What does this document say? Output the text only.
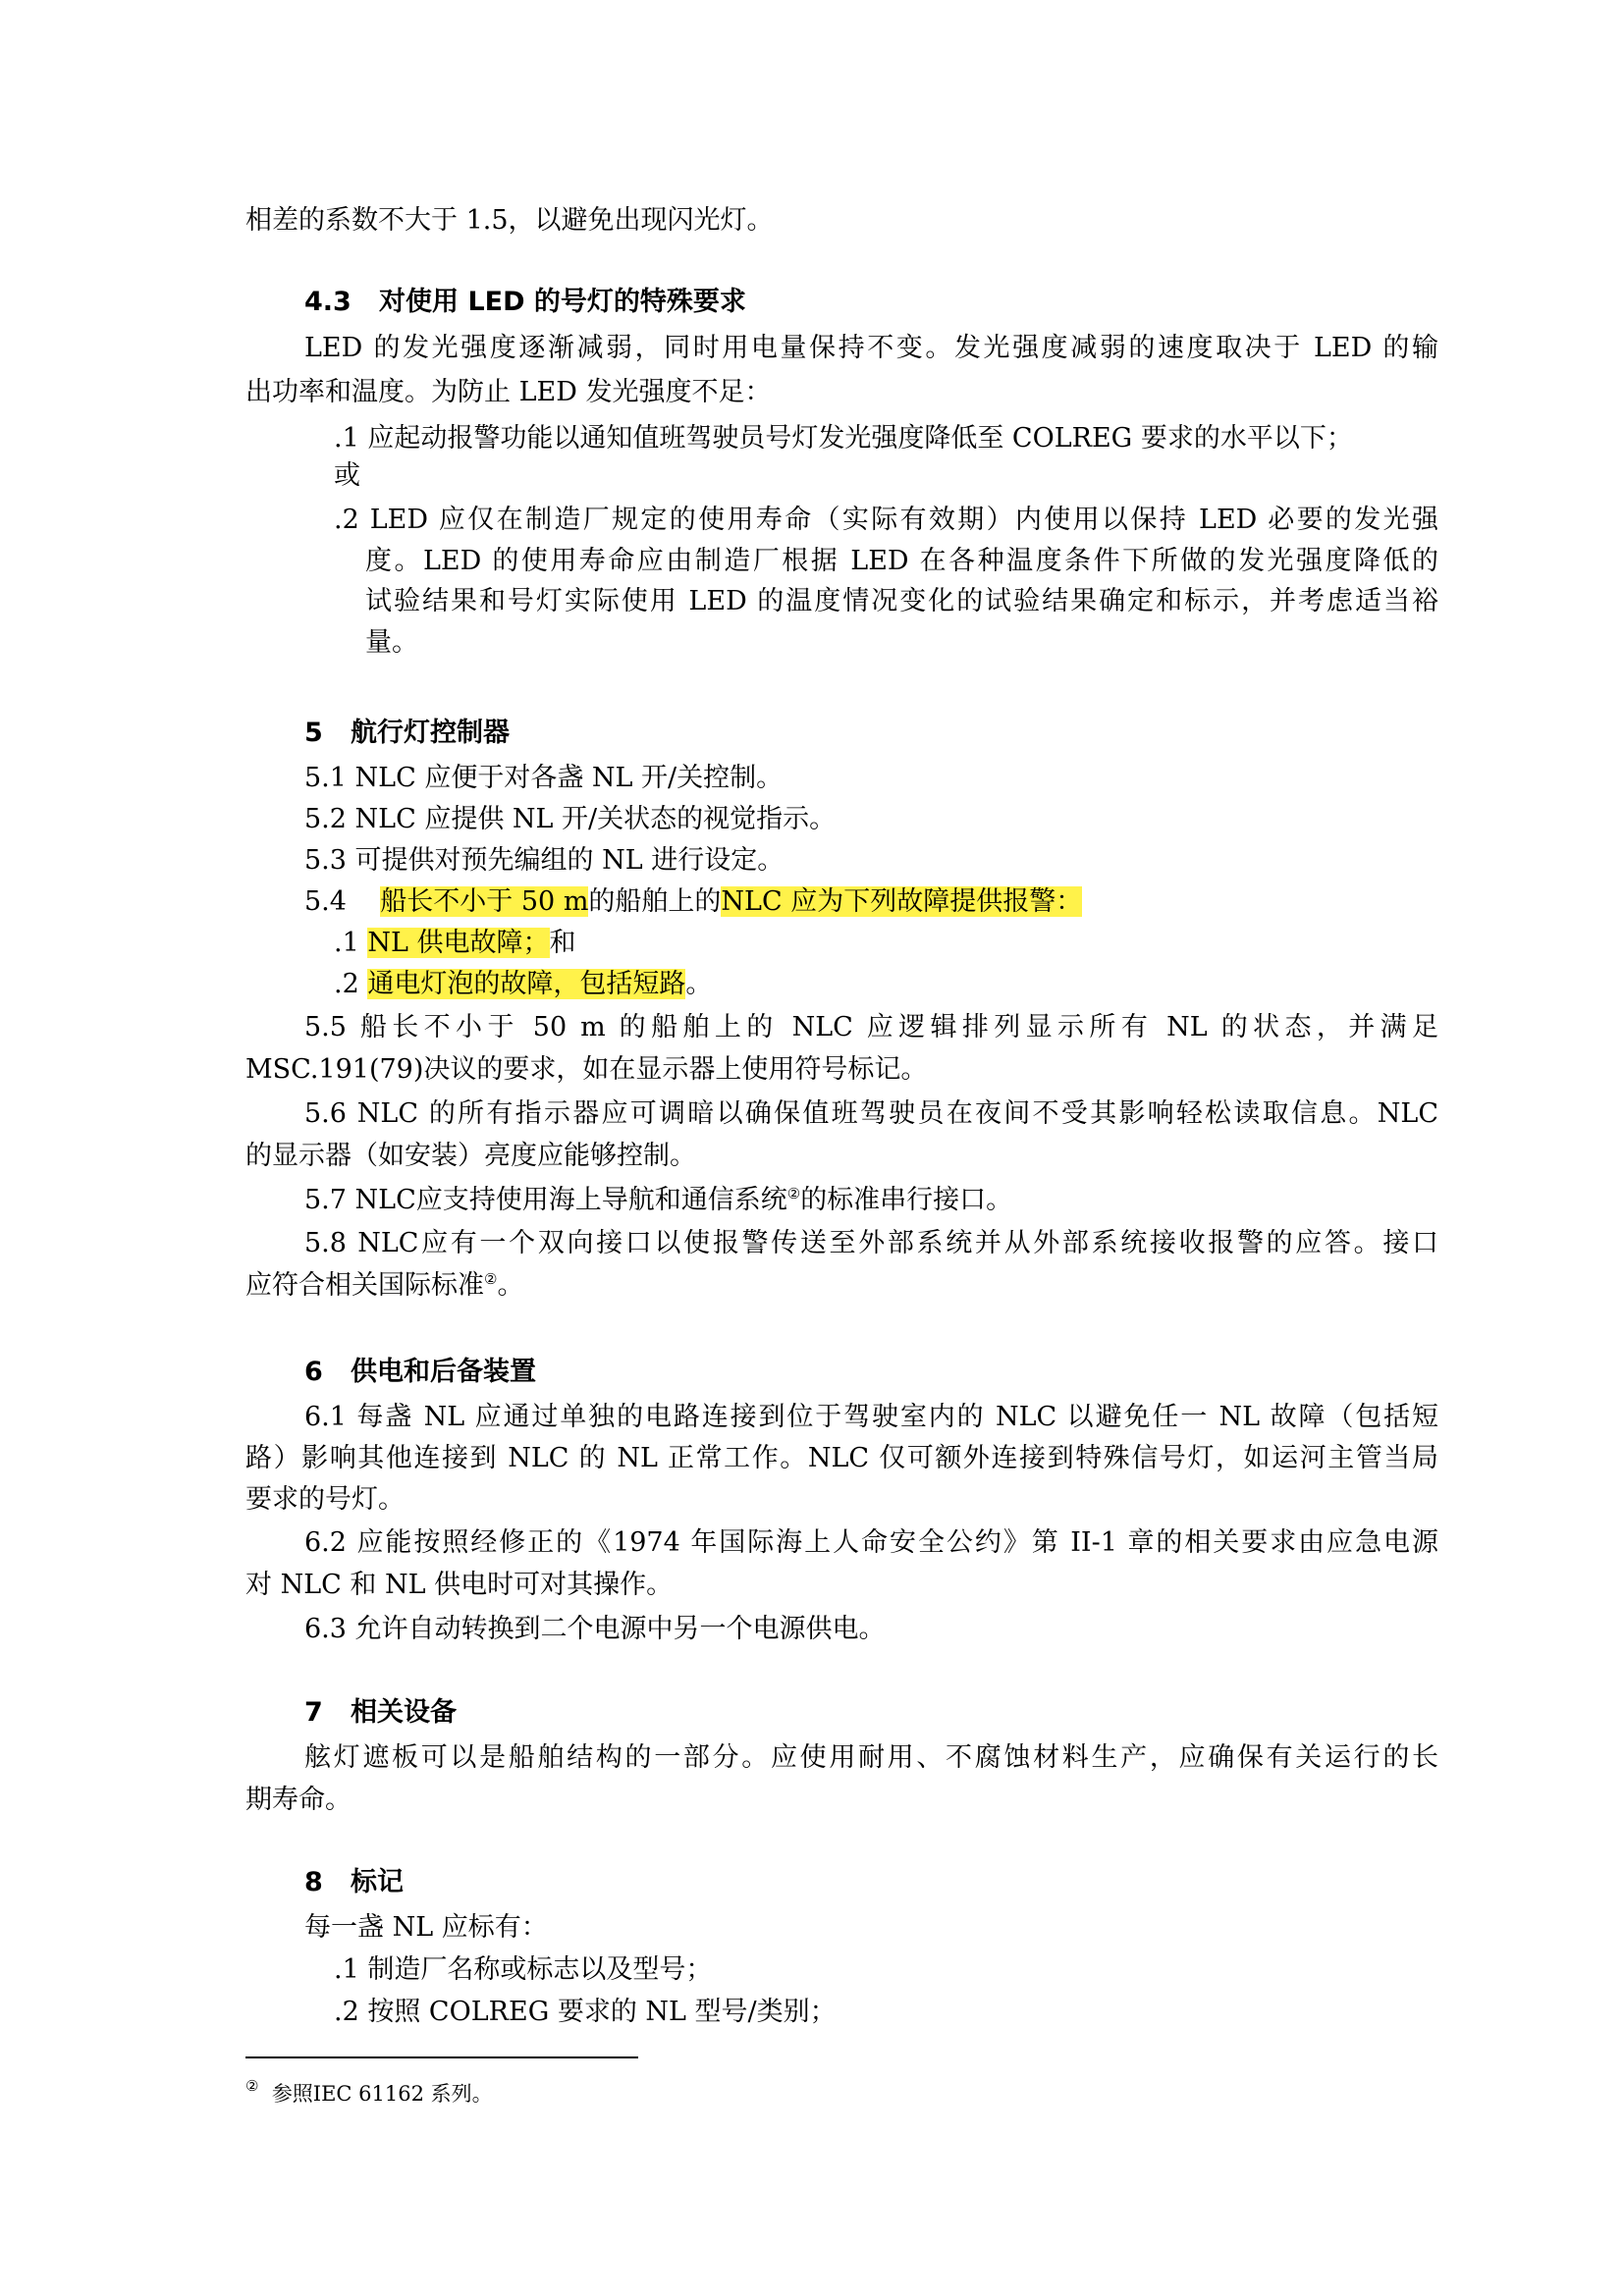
相差的系数不大于 1.5，以避免出现闪光灯。
4.3 对使用 LED 的号灯的特殊要求
LED 的发光强度逐渐减弱，同时用电量保持不变。发光强度减弱的速度取决于 LED 的输
出功率和温度。为防止 LED 发光强度不足：
.1 应起动报警功能以通知值班驾驶员号灯发光强度降低至 COLREG 要求的水平以下；
或
.2 LED 应仅在制造厂规定的使用寿命（实际有效期）内使用以保持 LED 必要的发光强
度。LED 的使用寿命应由制造厂根据 LED 在各种温度条件下所做的发光强度降低的
试验结果和号灯实际使用 LED 的温度情况变化的试验结果确定和标示，并考虑适当裕
量。
5 航行灯控制器
5.1 NLC 应便于对各盏 NL 开/关控制。
5.2 NLC 应提供 NL 开/关状态的视觉指示。
5.3 可提供对预先编组的 NL 进行设定。
5.4 船长不小于 50 m的船舶上的NLC 应为下列故障提供报警：
.1 NL 供电故障；和
.2 通电灯泡的故障，包括短路。
5.5 船长不小于 50 m 的船舶上的 NLC 应逻辑排列显示所有 NL 的状态，并满足
MSC.191(79)决议的要求，如在显示器上使用符号标记。
5.6 NLC 的所有指示器应可调暗以确保值班驾驶员在夜间不受其影响轻松读取信息。NLC
的显示器（如安装）亮度应能够控制。
5.7 NLC应支持使用海上导航和通信系统②的标准串行接口。
5.8 NLC应有一个双向接口以使报警传送至外部系统并从外部系统接收报警的应答。接口
应符合相关国际标准②。
6 供电和后备装置
6.1 每盏 NL 应通过单独的电路连接到位于驾驶室内的 NLC 以避免任一 NL 故障（包括短
路）影响其他连接到 NLC 的 NL 正常工作。NLC 仅可额外连接到特殊信号灯，如运河主管当局
要求的号灯。
6.2 应能按照经修正的《1974 年国际海上人命安全公约》第 II-1 章的相关要求由应急电源
对 NLC 和 NL 供电时可对其操作。
6.3 允许自动转换到二个电源中另一个电源供电。
7 相关设备
舷灯遮板可以是船舶结构的一部分。应使用耐用、不腐蚀材料生产，应确保有关运行的长
期寿命。
8 标记
每一盏 NL 应标有：
.1 制造厂名称或标志以及型号；
.2 按照 COLREG 要求的 NL 型号/类别；
② 参照IEC 61162 系列。
